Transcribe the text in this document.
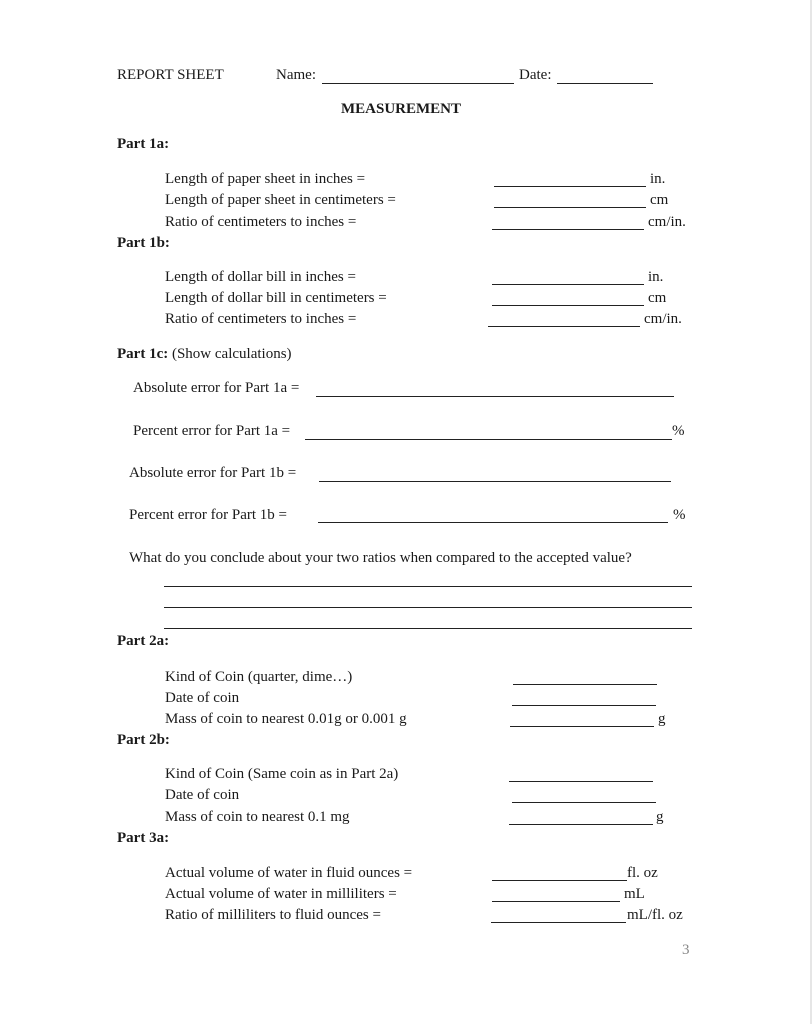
REPORT SHEET	Name:	Date:
MEASUREMENT
Part 1a:
Length of paper sheet in inches =	in.
Length of paper sheet in centimeters =	cm
Ratio of centimeters to inches =	cm/in.
Part 1b:
Length of dollar bill in inches =	in.
Length of dollar bill in centimeters =	cm
Ratio of centimeters to inches =	cm/in.
Part 1c: (Show calculations)
Absolute error for Part 1a =
Percent error for Part 1a =	%
Absolute error for Part 1b =
Percent error for Part 1b =	%
What do you conclude about your two ratios when compared to the accepted value?
Part 2a:
Kind of Coin (quarter, dime…)
Date of coin
Mass of coin to nearest 0.01g or 0.001 g	g
Part 2b:
Kind of Coin (Same coin as in Part 2a)
Date of coin
Mass of coin to nearest 0.1 mg	g
Part 3a:
Actual volume of water in fluid ounces =	fl. oz
Actual volume of water in milliliters =	mL
Ratio of milliliters to fluid ounces =	mL/fl. oz
3
